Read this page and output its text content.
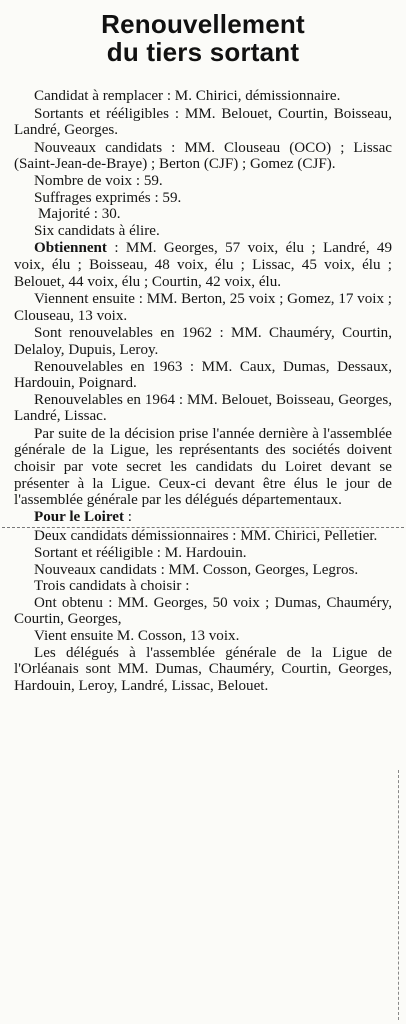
Renouvellement
du tiers sortant

Candidat à remplacer : M. Chirici, démissionnaire.

Sortants et rééligibles : MM. Belouet, Courtin, Boisseau, Landré, Georges.

Nouveaux candidats : MM. Clouseau (OCO) ; Lissac (Saint-Jean-de-Braye) ; Berton (CJF) ; Gomez (CJF).

Nombre de voix : 59.

Suffrages exprimés : 59.

Majorité : 30.

Six candidats à élire.

Obtiennent : MM. Georges, 57 voix, élu ; Landré, 49 voix, élu ; Boisseau, 48 voix, élu ; Lissac, 45 voix, élu ; Belouet, 44 voix, élu ; Courtin, 42 voix, élu.

Viennent ensuite : MM. Berton, 25 voix ; Gomez, 17 voix ; Clouseau, 13 voix.

Sont renouvelables en 1962 : MM. Chauméry, Courtin, Delaloy, Dupuis, Leroy.

Renouvelables en 1963 : MM. Caux, Dumas, Dessaux, Hardouin, Poignard.

Renouvelables en 1964 : MM. Belouet, Boisseau, Georges, Landré, Lissac.

Par suite de la décision prise l'année dernière à l'assemblée générale de la Ligue, les représentants des sociétés doivent choisir par vote secret les candidats du Loiret devant se présenter à la Ligue. Ceux-ci devant être élus le jour de l'assemblée générale par les délégués départementaux.

Pour le Loiret :

Deux candidats démissionnaires : MM. Chirici, Pelletier.

Sortant et rééligible : M. Hardouin.

Nouveaux candidats : MM. Cosson, Georges, Legros.

Trois candidats à choisir :

Ont obtenu : MM. Georges, 50 voix ; Dumas, Chauméry, Courtin, Georges,

Vient ensuite M. Cosson, 13 voix.

Les délégués à l'assemblée générale de la Ligue de l'Orléanais sont MM. Dumas, Chauméry, Courtin, Georges, Hardouin, Leroy, Landré, Lissac, Belouet.
